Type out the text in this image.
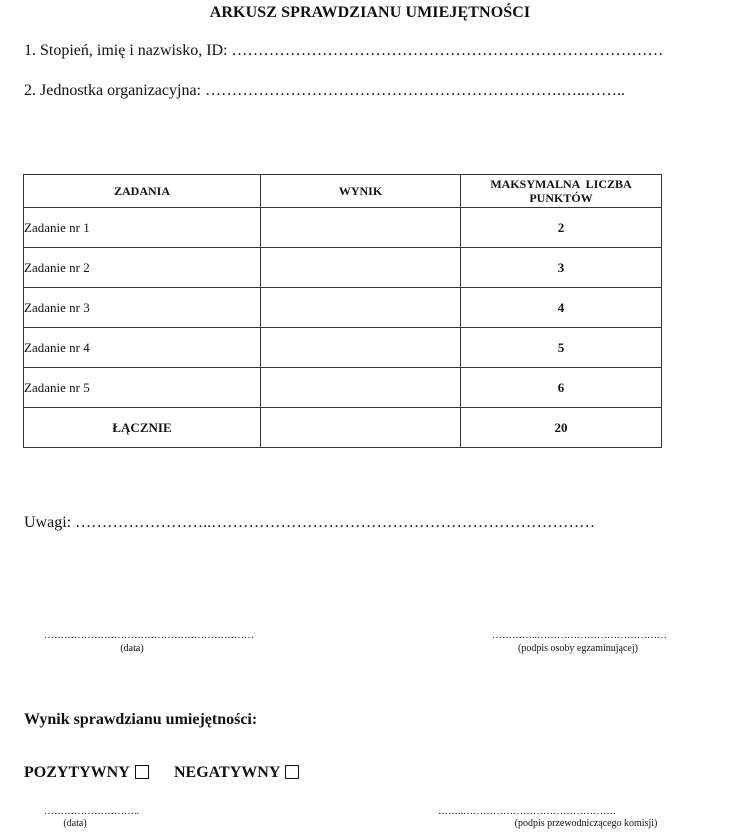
ARKUSZ SPRAWDZIANU UMIEJĘTNOŚCI
1. Stopień, imię i nazwisko, ID: ………………………………………………………………………
2. Jednostka organizacyjna: ………………………………………………………….…..……..
ZADANIA	WYNIK	MAKSYMALNA  LICZBA
PUNKTÓW

Zadanie nr 1		2
Zadanie nr 2		3
Zadanie nr 3		4
Zadanie nr 4		5
Zadanie nr 5		6
ŁĄCZNIE		20
Uwagi: ……………………..………………………………………………………………
………………………………………………………
(data)
…………..…………………………………
(podpis osoby egzaminującej)
Wynik sprawdzianu umiejętności:
POZYTYWNY	NEGATYWNY
………………………..
(data)
……..……………………………………….
(podpis przewodniczącego komisji)
